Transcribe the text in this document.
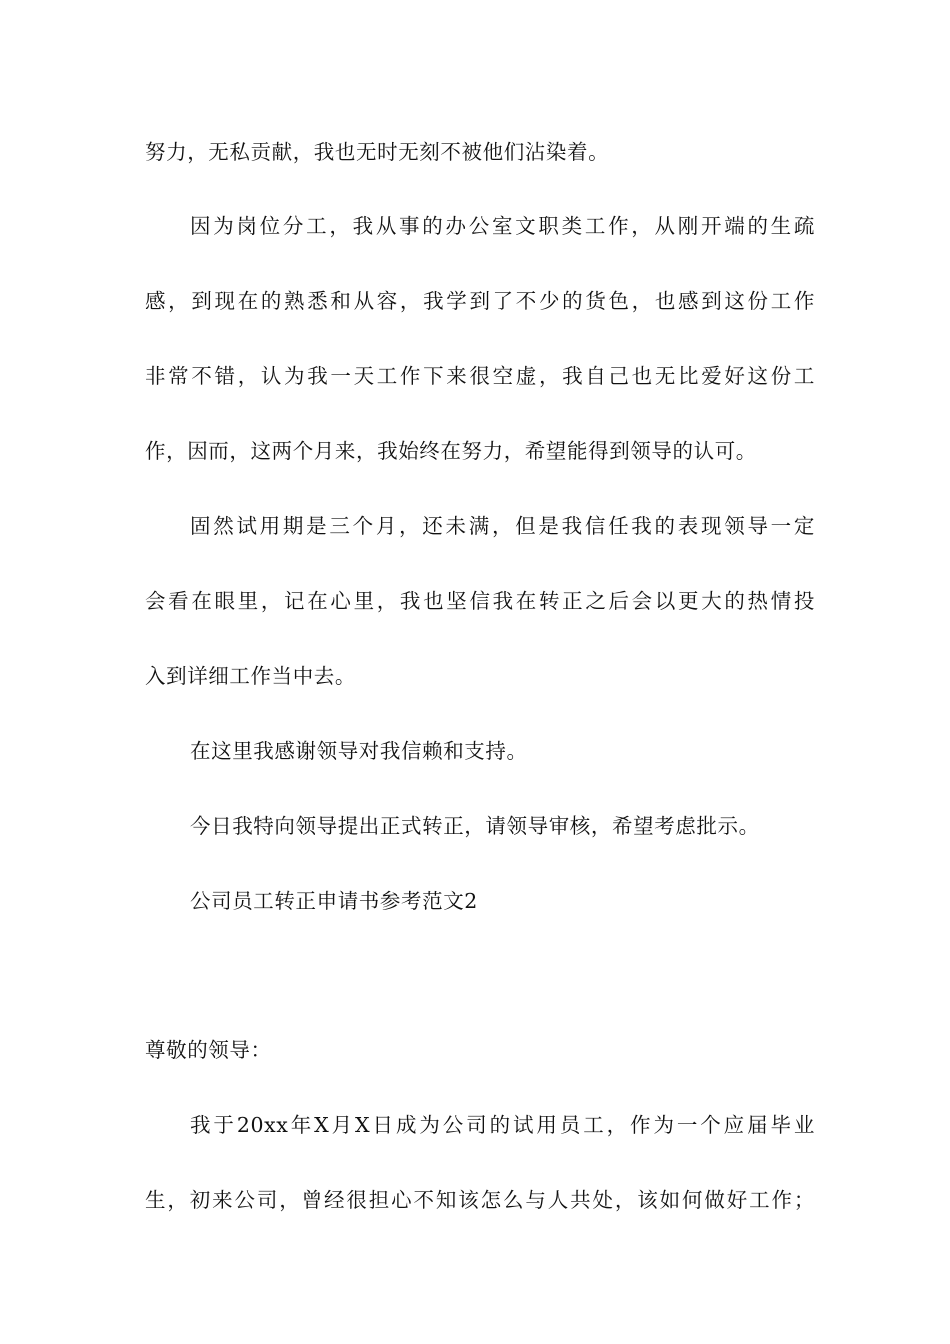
努力，无私贡献，我也无时无刻不被他们沾染着。
因为岗位分工，我从事的办公室文职类工作，从刚开端的生疏
感，到现在的熟悉和从容，我学到了不少的货色，也感到这份工作
非常不错，认为我一天工作下来很空虚，我自己也无比爱好这份工
作，因而，这两个月来，我始终在努力，希望能得到领导的认可。
固然试用期是三个月，还未满，但是我信任我的表现领导一定
会看在眼里，记在心里，我也坚信我在转正之后会以更大的热情投
入到详细工作当中去。
在这里我感谢领导对我信赖和支持。
今日我特向领导提出正式转正，请领导审核，希望考虑批示。
公司员工转正申请书参考范文2
尊敬的领导：
我于20xx年X月X日成为公司的试用员工，作为一个应届毕业
生，初来公司，曾经很担心不知该怎么与人共处，该如何做好工作；
